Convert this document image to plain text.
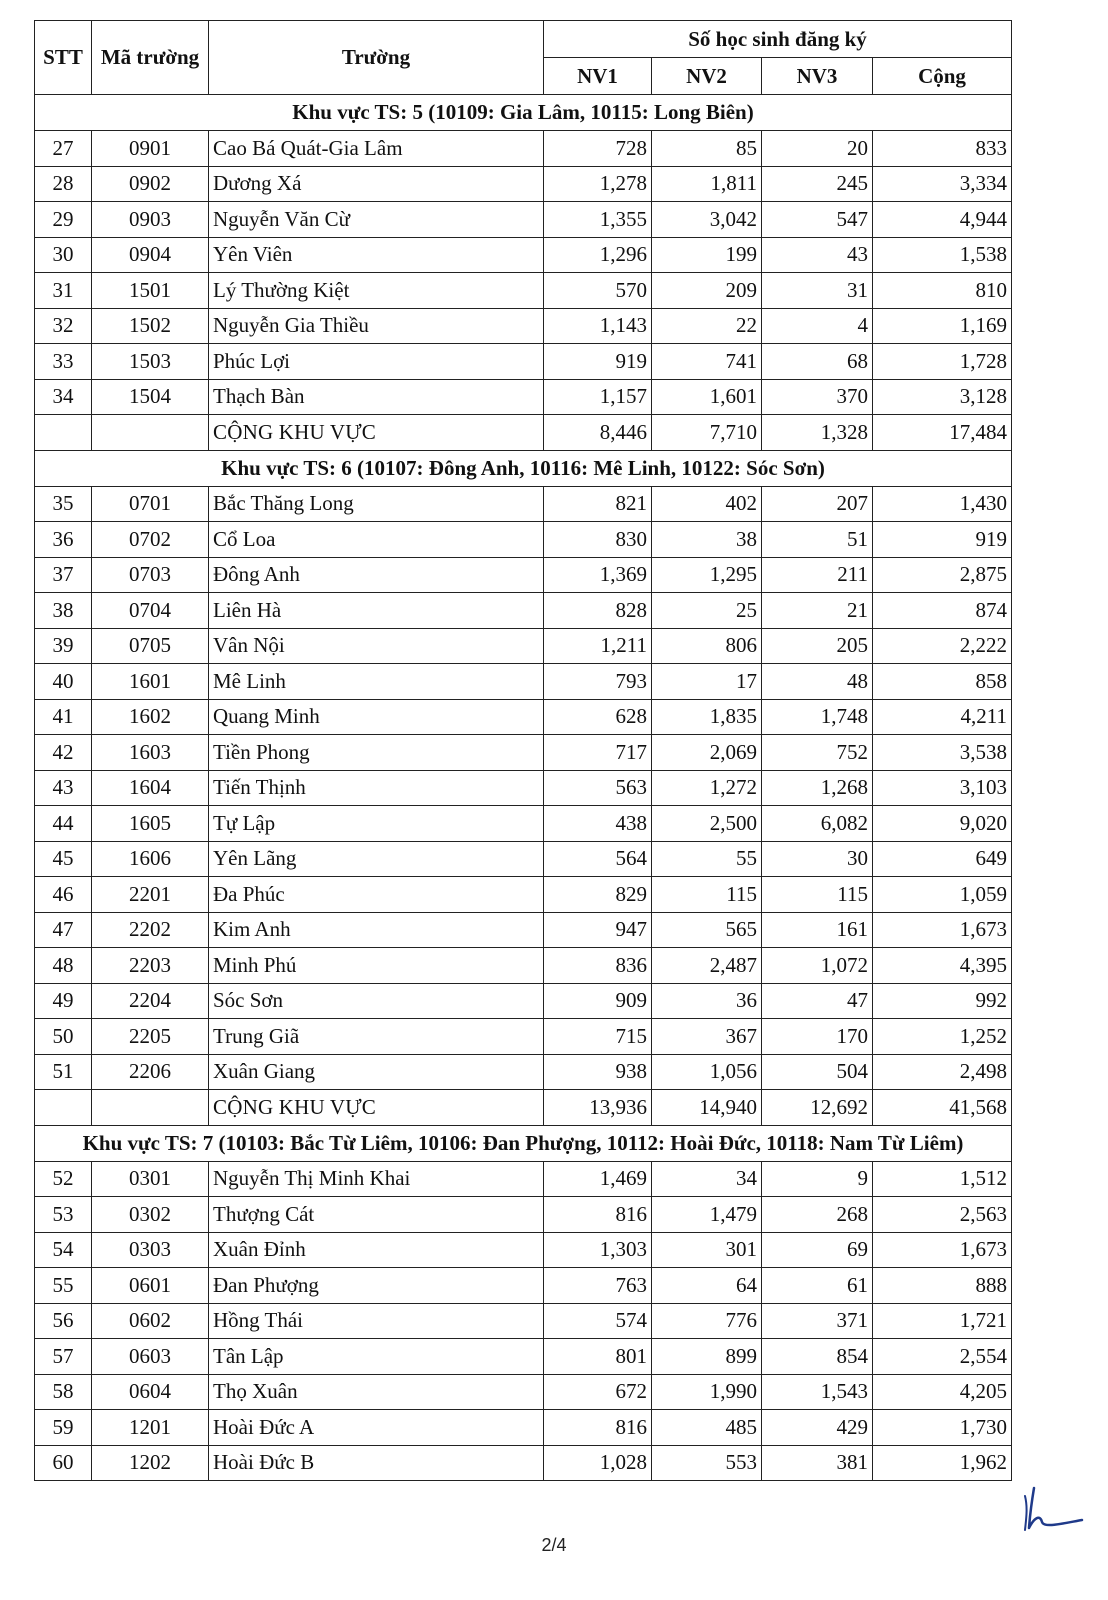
STT	Mã trường	Trường	Số học sinh đăng ký			
			NV1	NV2	NV3	Cộng
Khu vực TS: 5 (10109: Gia Lâm, 10115: Long Biên)						
27	0901	Cao Bá Quát-Gia Lâm	728	85	20	833
28	0902	Dương Xá	1,278	1,811	245	3,334
29	0903	Nguyễn Văn Cừ	1,355	3,042	547	4,944
30	0904	Yên Viên	1,296	199	43	1,538
31	1501	Lý Thường Kiệt	570	209	31	810
32	1502	Nguyễn Gia Thiều	1,143	22	4	1,169
33	1503	Phúc Lợi	919	741	68	1,728
34	1504	Thạch Bàn	1,157	1,601	370	3,128
		CỘNG KHU VỰC	8,446	7,710	1,328	17,484
Khu vực TS: 6 (10107: Đông Anh, 10116: Mê Linh, 10122: Sóc Sơn)						
35	0701	Bắc Thăng Long	821	402	207	1,430
36	0702	Cổ Loa	830	38	51	919
37	0703	Đông Anh	1,369	1,295	211	2,875
38	0704	Liên Hà	828	25	21	874
39	0705	Vân Nội	1,211	806	205	2,222
40	1601	Mê Linh	793	17	48	858
41	1602	Quang Minh	628	1,835	1,748	4,211
42	1603	Tiền Phong	717	2,069	752	3,538
43	1604	Tiến Thịnh	563	1,272	1,268	3,103
44	1605	Tự Lập	438	2,500	6,082	9,020
45	1606	Yên Lãng	564	55	30	649
46	2201	Đa Phúc	829	115	115	1,059
47	2202	Kim Anh	947	565	161	1,673
48	2203	Minh Phú	836	2,487	1,072	4,395
49	2204	Sóc Sơn	909	36	47	992
50	2205	Trung Giã	715	367	170	1,252
51	2206	Xuân Giang	938	1,056	504	2,498
		CỘNG KHU VỰC	13,936	14,940	12,692	41,568
Khu vực TS: 7 (10103: Bắc Từ Liêm, 10106: Đan Phượng, 10112: Hoài Đức, 10118: Nam Từ Liêm)						
52	0301	Nguyễn Thị Minh Khai	1,469	34	9	1,512
53	0302	Thượng Cát	816	1,479	268	2,563
54	0303	Xuân Đỉnh	1,303	301	69	1,673
55	0601	Đan Phượng	763	64	61	888
56	0602	Hồng Thái	574	776	371	1,721
57	0603	Tân Lập	801	899	854	2,554
58	0604	Thọ Xuân	672	1,990	1,543	4,205
59	1201	Hoài Đức A	816	485	429	1,730
60	1202	Hoài Đức B	1,028	553	381	1,962
2/4
